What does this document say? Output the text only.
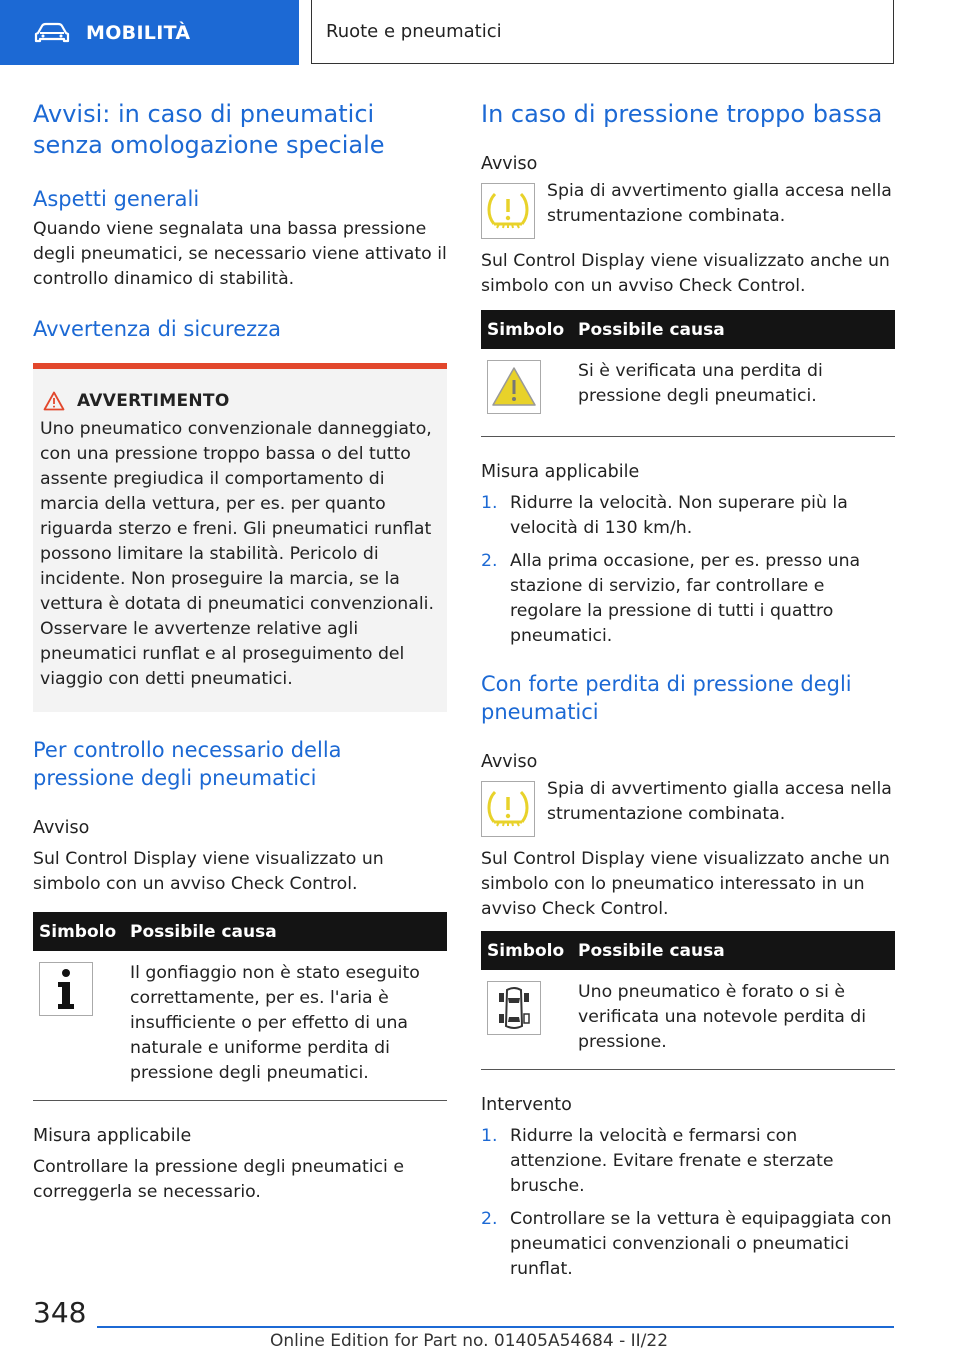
MOBILITÀ	Ruote e pneumatici
Avvisi: in caso di pneumatici senza omologazione speciale
Aspetti generali

Quando viene segnalata una bassa pressione degli pneumatici, se necessario viene attivato il controllo dinamico di stabilità.

Avvertenza di sicurezza
AVVERTIMENTO

Uno pneumatico convenzionale danneggiato, con una pressione troppo bassa o del tutto assente pregiudica il comportamento di marcia della vettura, per es. per quanto riguarda sterzo e freni. Gli pneumatici runflat possono limitare la stabilità. Pericolo di incidente. Non proseguire la marcia, se la vettura è dotata di pneumatici convenzionali. Osservare le avvertenze relative agli pneumatici runflat e al proseguimento del viaggio con detti pneumatici.

Per controllo necessario della pressione degli pneumatici
Avviso

Sul Control Display viene visualizzato un simbolo con un avviso Check Control.

Simbolo	Possibile causa

	Il gonfiaggio non è stato eseguito correttamente, per es. l'aria è insufficiente o per effetto di una naturale e uniforme perdita di pressione degli pneumatici.
Misura applicabile

Controllare la pressione degli pneumatici e correggerla se necessario.

In caso di pressione troppo bassa
Avviso

Spia di avvertimento gialla accesa nella strumentazione combinata.

Sul Control Display viene visualizzato anche un simbolo con un avviso Check Control.

Simbolo	Possibile causa

	Si è verificata una perdita di pressione degli pneumatici.
Misura applicabile
1. Ridurre la velocità. Non superare più la velocità di 130 km/h.
2. Alla prima occasione, per es. presso una stazione di servizio, far controllare e regolare la pressione di tutti i quattro pneumatici.
Con forte perdita di pressione degli pneumatici
Avviso

Spia di avvertimento gialla accesa nella strumentazione combinata.

Sul Control Display viene visualizzato anche un simbolo con lo pneumatico interessato in un avviso Check Control.

Simbolo	Possibile causa

	Uno pneumatico è forato o si è verificata una notevole perdita di pressione.
Intervento
1. Ridurre la velocità e fermarsi con attenzione. Evitare frenate e sterzate brusche.
2. Controllare se la vettura è equipaggiata con pneumatici convenzionali o pneumatici runflat.
348
Online Edition for Part no. 01405A54684 - II/22
